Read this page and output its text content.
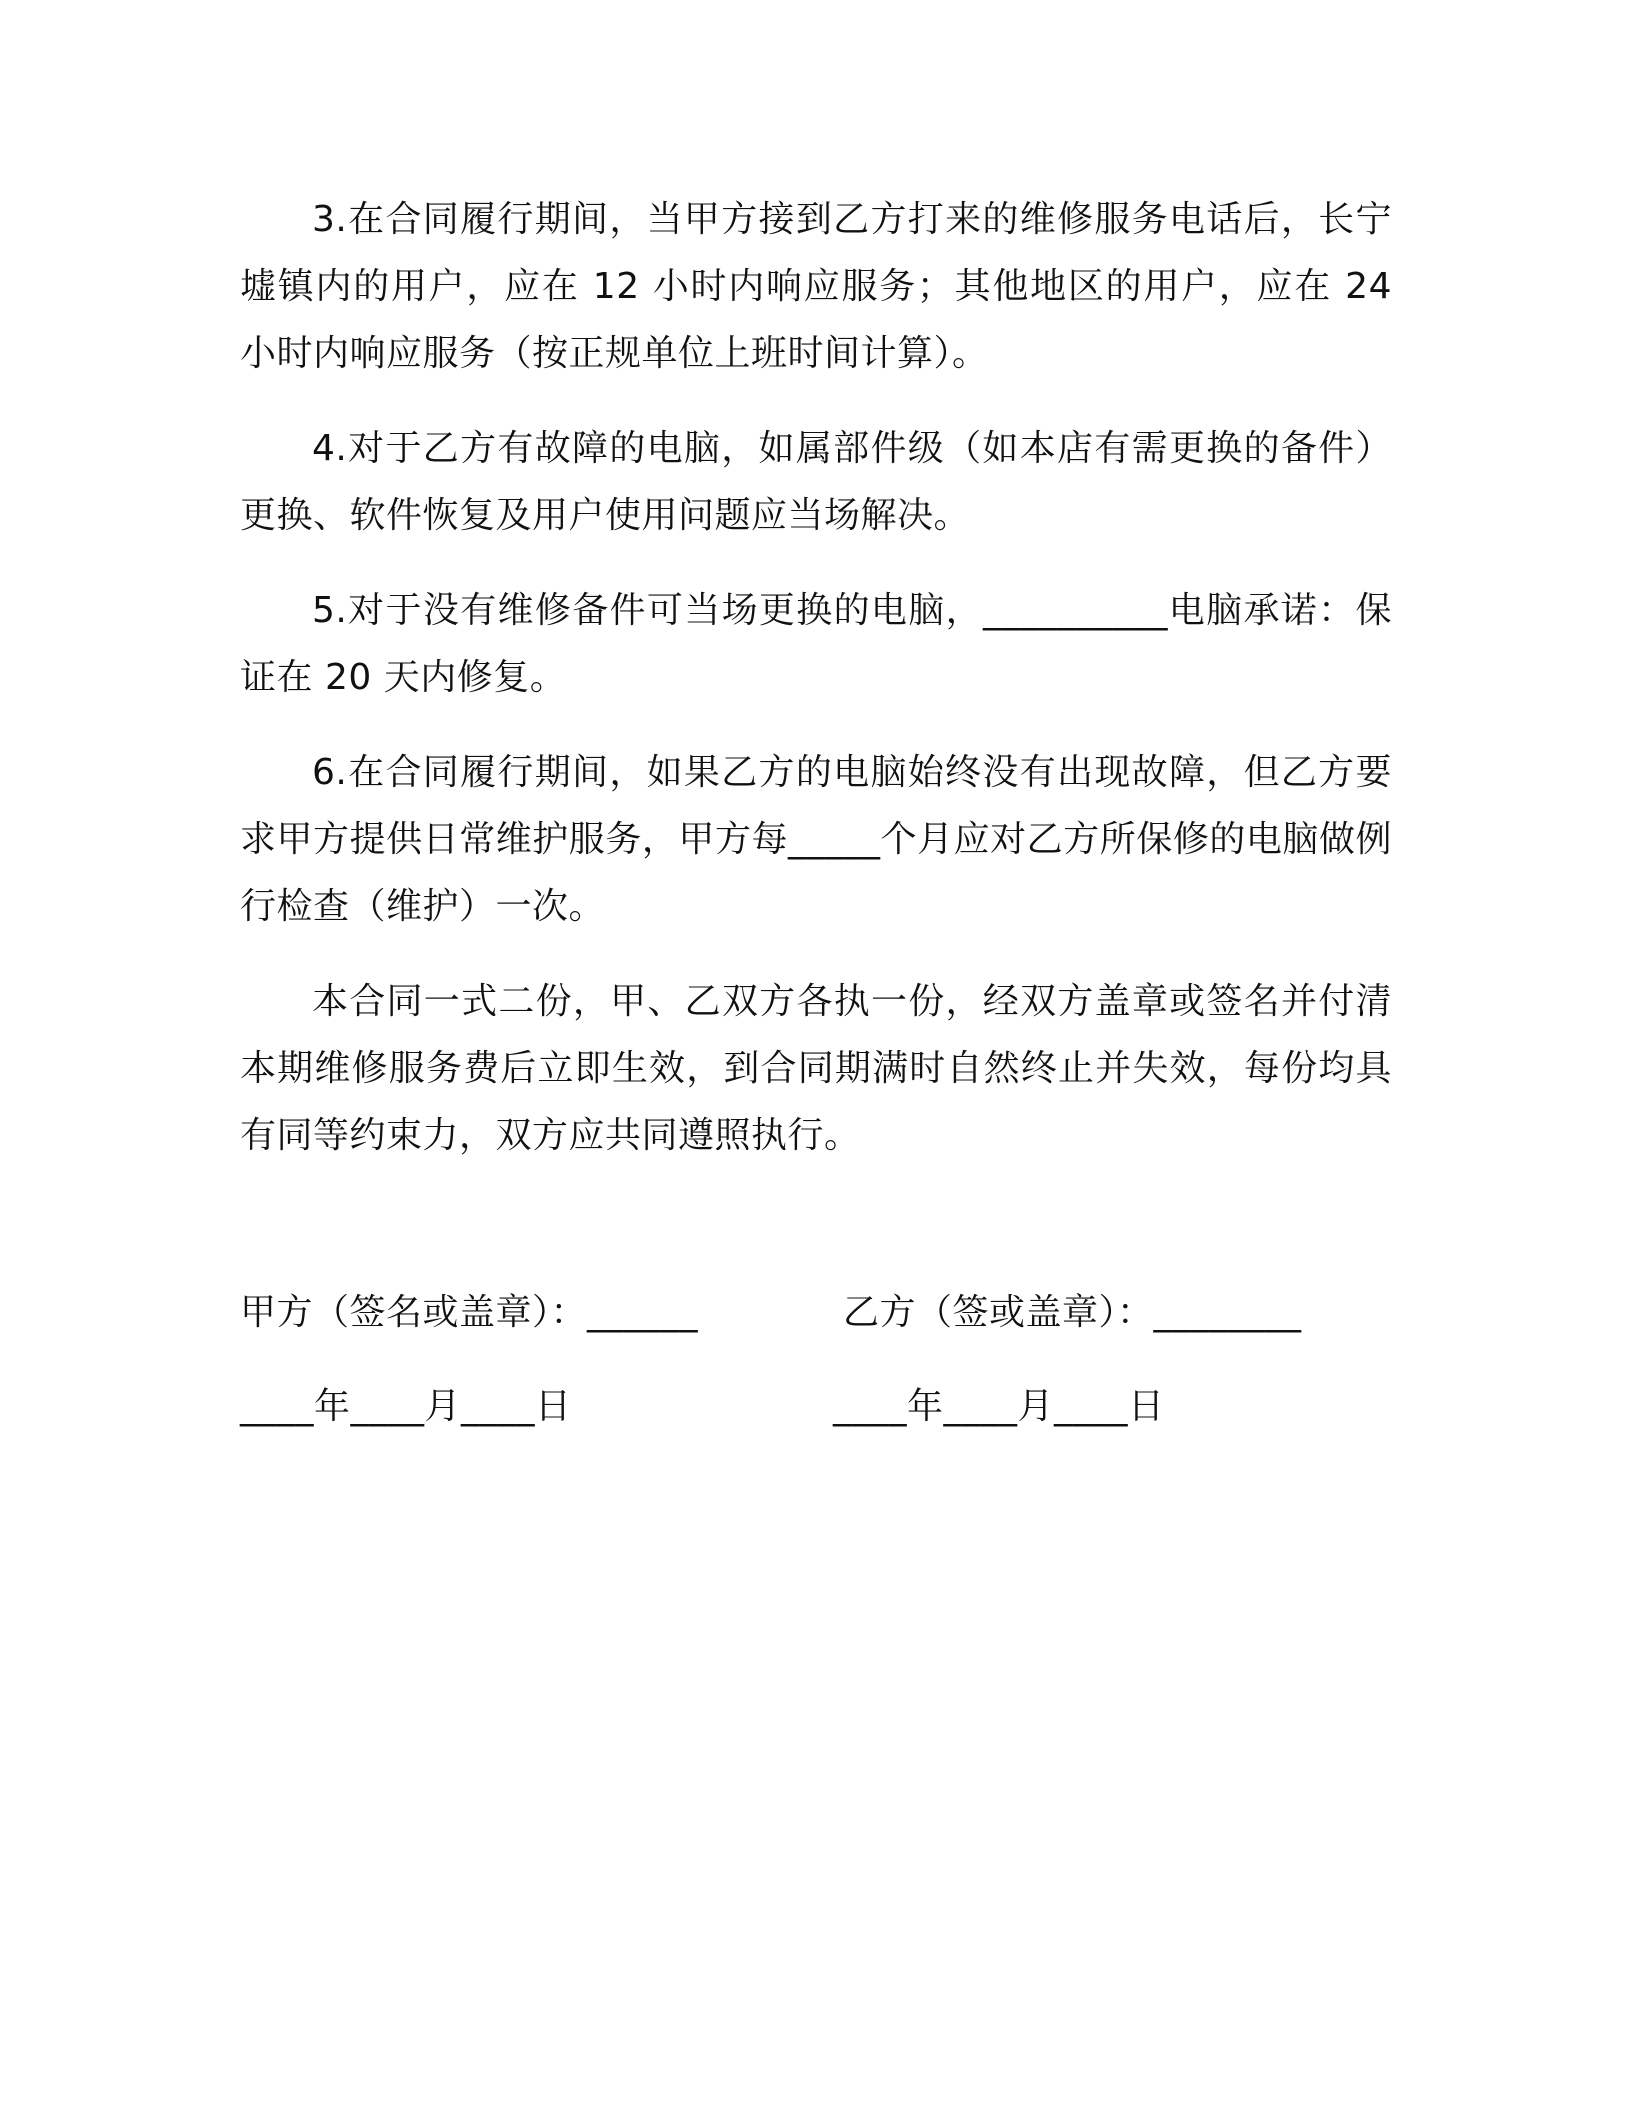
3.在合同履行期间，当甲方接到乙方打来的维修服务电话后，长宁墟镇内的用户，应在 12 小时内响应服务；其他地区的用户，应在 24 小时内响应服务（按正规单位上班时间计算）。

4.对于乙方有故障的电脑，如属部件级（如本店有需更换的备件）更换、软件恢复及用户使用问题应当场解决。

5.对于没有维修备件可当场更换的电脑，__________电脑承诺：保证在 20 天内修复。

6.在合同履行期间，如果乙方的电脑始终没有出现故障，但乙方要求甲方提供日常维护服务，甲方每_____个月应对乙方所保修的电脑做例行检查（维护）一次。

本合同一式二份，甲、乙双方各执一份，经双方盖章或签名并付清本期维修服务费后立即生效，到合同期满时自然终止并失效，每份均具有同等约束力，双方应共同遵照执行。

甲方（签名或盖章）：______	乙方（签或盖章）：________
____年____月____日	____年____月____日
